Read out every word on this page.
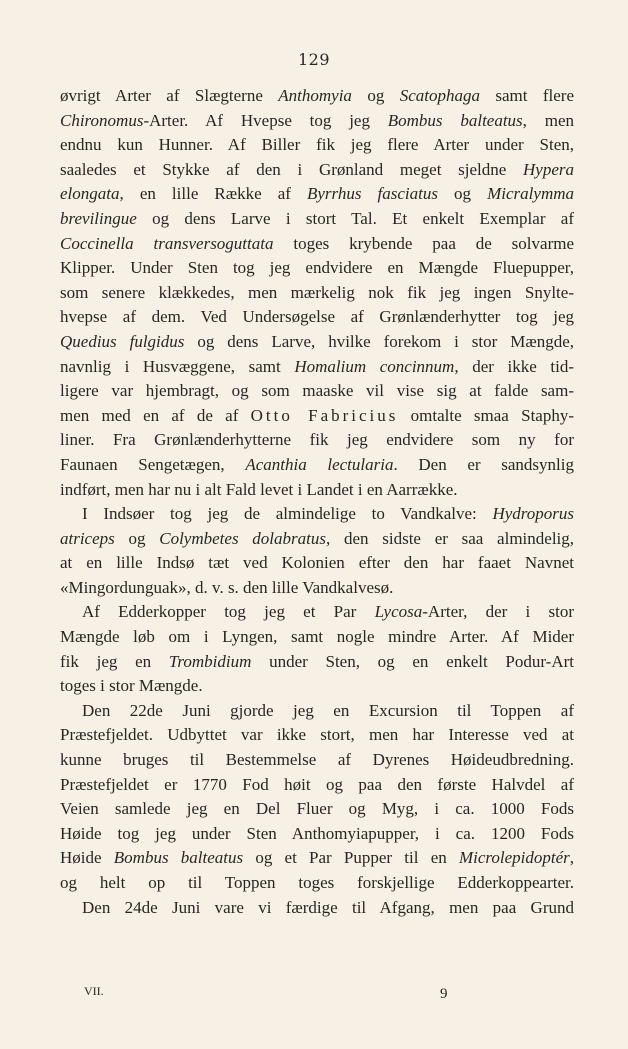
129
øvrigt Arter af Slægterne Anthomyia og Scatophaga samt flere
Chironomus-Arter. Af Hvepse tog jeg Bombus balteatus, men
endnu kun Hunner. Af Biller fik jeg flere Arter under Sten,
saaledes et Stykke af den i Grønland meget sjeldne Hypera
elongata, en lille Række af Byrrhus fasciatus og Micralymma
brevilingue og dens Larve i stort Tal. Et enkelt Exemplar af
Coccinella transversoguttata toges krybende paa de solvarme
Klipper. Under Sten tog jeg endvidere en Mængde Fluepupper,
som senere klækkedes, men mærkelig nok fik jeg ingen Snylte-
hvepse af dem. Ved Undersøgelse af Grønlænderhytter tog jeg
Quedius fulgidus og dens Larve, hvilke forekom i stor Mængde,
navnlig i Husvæggene, samt Homalium concinnum, der ikke tid-
ligere var hjembragt, og som maaske vil vise sig at falde sam-
men med en af de af Otto Fabricius omtalte smaa Staphy-
liner. Fra Grønlænderhytterne fik jeg endvidere som ny for
Faunaen Sengetægen, Acanthia lectularia. Den er sandsynlig
indført, men har nu i alt Fald levet i Landet i en Aarrække.
I Indsøer tog jeg de almindelige to Vandkalve: Hydroporus
atriceps og Colymbetes dolabratus, den sidste er saa almindelig,
at en lille Indsø tæt ved Kolonien efter den har faaet Navnet
«Mingordunguak», d. v. s. den lille Vandkalvesø.
Af Edderkopper tog jeg et Par Lycosa-Arter, der i stor
Mængde løb om i Lyngen, samt nogle mindre Arter. Af Mider
fik jeg en Trombidium under Sten, og en enkelt Podur-Art
toges i stor Mængde.
Den 22de Juni gjorde jeg en Excursion til Toppen af
Præstefjeldet. Udbyttet var ikke stort, men har Interesse ved at
kunne bruges til Bestemmelse af Dyrenes Høideudbredning.
Præstefjeldet er 1770 Fod høit og paa den første Halvdel af
Veien samlede jeg en Del Fluer og Myg, i ca. 1000 Fods
Høide tog jeg under Sten Anthomyiapupper, i ca. 1200 Fods
Høide Bombus balteatus og et Par Pupper til en Microlepidoptér,
og helt op til Toppen toges forskjellige Edderkoppearter.
Den 24de Juni vare vi færdige til Afgang, men paa Grund
VII.	9
